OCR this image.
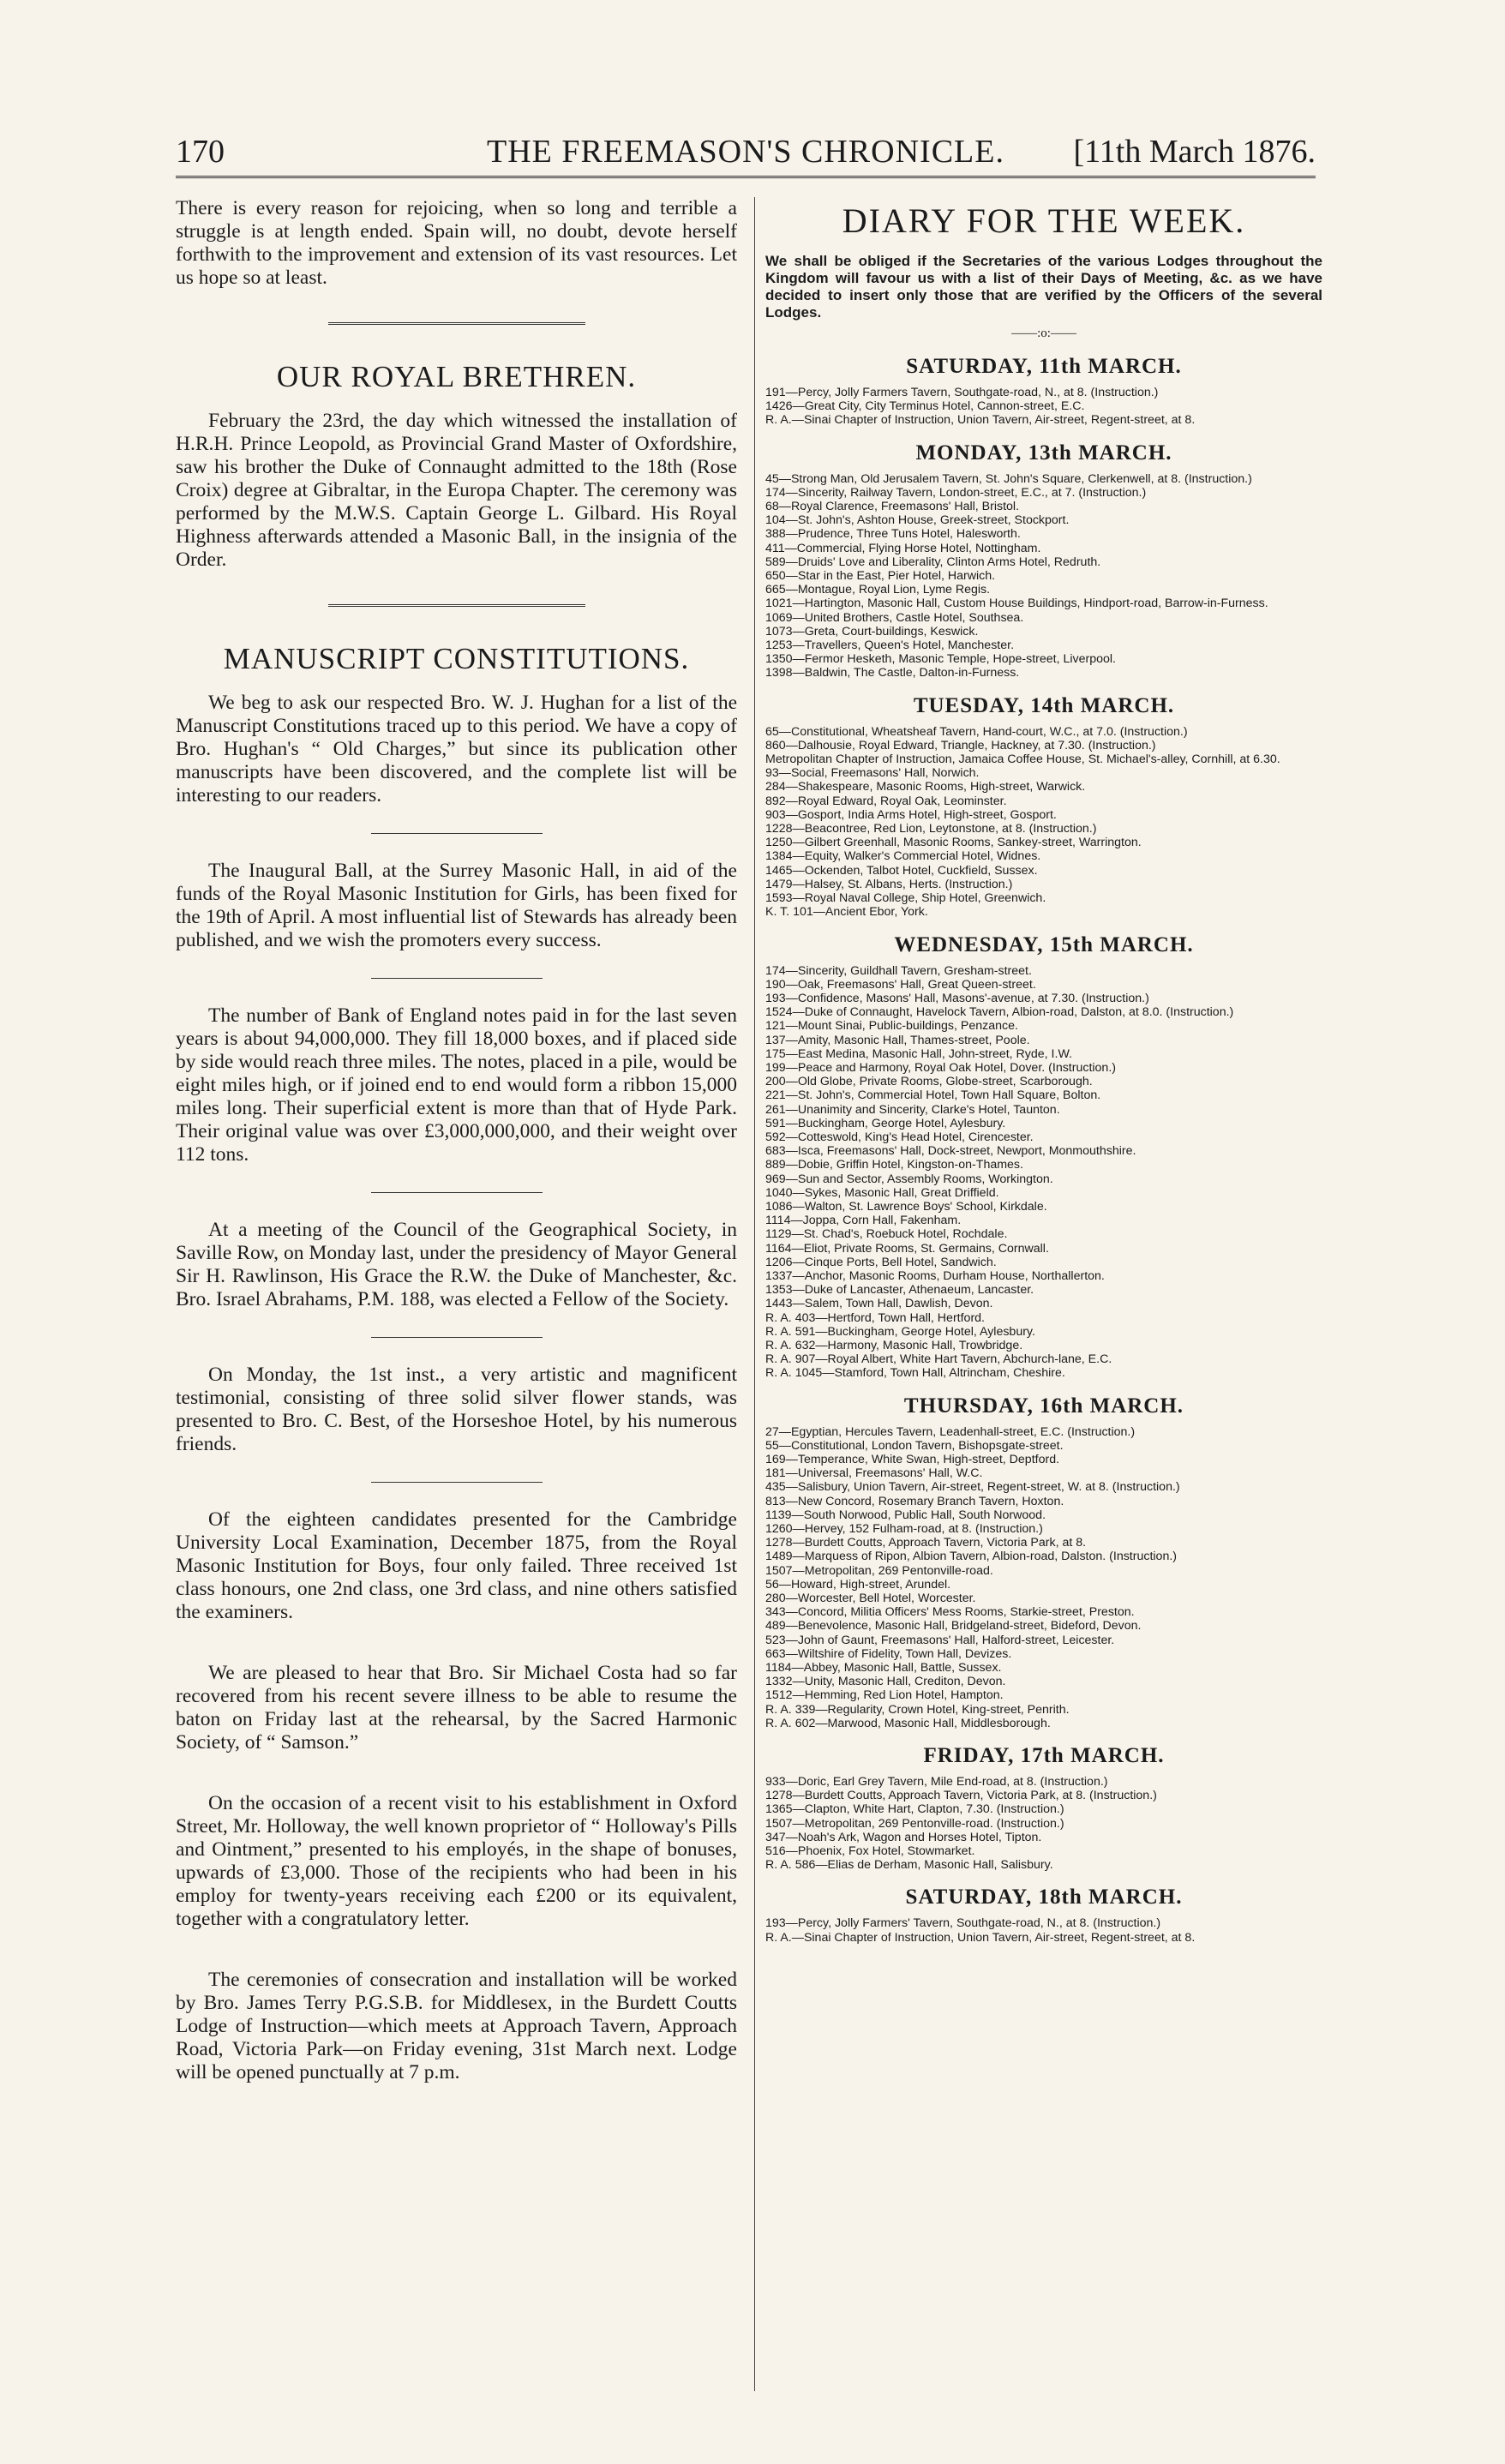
170	THE FREEMASON'S CHRONICLE.	[11th March 1876.

There is every reason for rejoicing, when so long and terrible a struggle is at length ended. Spain will, no doubt, devote herself forthwith to the improvement and extension of its vast resources. Let us hope so at least.

OUR ROYAL BRETHREN.

February the 23rd, the day which witnessed the installation of H.R.H. Prince Leopold, as Provincial Grand Master of Oxfordshire, saw his brother the Duke of Connaught admitted to the 18th (Rose Croix) degree at Gibraltar, in the Europa Chapter. The ceremony was performed by the M.W.S. Captain George L. Gilbard. His Royal Highness afterwards attended a Masonic Ball, in the insignia of the Order.

MANUSCRIPT CONSTITUTIONS.

We beg to ask our respected Bro. W. J. Hughan for a list of the Manuscript Constitutions traced up to this period. We have a copy of Bro. Hughan's “ Old Charges,” but since its publication other manuscripts have been discovered, and the complete list will be interesting to our readers.

The Inaugural Ball, at the Surrey Masonic Hall, in aid of the funds of the Royal Masonic Institution for Girls, has been fixed for the 19th of April. A most influential list of Stewards has already been published, and we wish the promoters every success.

The number of Bank of England notes paid in for the last seven years is about 94,000,000. They fill 18,000 boxes, and if placed side by side would reach three miles. The notes, placed in a pile, would be eight miles high, or if joined end to end would form a ribbon 15,000 miles long. Their superficial extent is more than that of Hyde Park. Their original value was over £3,000,000,000, and their weight over 112 tons.

At a meeting of the Council of the Geographical Society, in Saville Row, on Monday last, under the presidency of Mayor General Sir H. Rawlinson, His Grace the R.W. the Duke of Manchester, &c. Bro. Israel Abrahams, P.M. 188, was elected a Fellow of the Society.

On Monday, the 1st inst., a very artistic and magnificent testimonial, consisting of three solid silver flower stands, was presented to Bro. C. Best, of the Horseshoe Hotel, by his numerous friends.

Of the eighteen candidates presented for the Cambridge University Local Examination, December 1875, from the Royal Masonic Institution for Boys, four only failed. Three received 1st class honours, one 2nd class, one 3rd class, and nine others satisfied the examiners.

We are pleased to hear that Bro. Sir Michael Costa had so far recovered from his recent severe illness to be able to resume the baton on Friday last at the rehearsal, by the Sacred Harmonic Society, of “ Samson.”

On the occasion of a recent visit to his establishment in Oxford Street, Mr. Holloway, the well known proprietor of “ Holloway's Pills and Ointment,” presented to his employés, in the shape of bonuses, upwards of £3,000. Those of the recipients who had been in his employ for twenty-years receiving each £200 or its equivalent, together with a congratulatory letter.

The ceremonies of consecration and installation will be worked by Bro. James Terry P.G.S.B. for Middlesex, in the Burdett Coutts Lodge of Instruction—which meets at Approach Tavern, Approach Road, Victoria Park—on Friday evening, 31st March next. Lodge will be opened punctually at 7 p.m.

DIARY FOR THE WEEK.

We shall be obliged if the Secretaries of the various Lodges throughout the Kingdom will favour us with a list of their Days of Meeting, &c. as we have decided to insert only those that are verified by the Officers of the several Lodges.

——:o:——
SATURDAY, 11th MARCH.

191—Percy, Jolly Farmers Tavern, Southgate-road, N., at 8. (Instruction.)

1426—Great City, City Terminus Hotel, Cannon-street, E.C.

R. A.—Sinai Chapter of Instruction, Union Tavern, Air-street, Regent-street, at 8.

MONDAY, 13th MARCH.

45—Strong Man, Old Jerusalem Tavern, St. John's Square, Clerkenwell, at 8. (Instruction.)

174—Sincerity, Railway Tavern, London-street, E.C., at 7. (Instruction.)

68—Royal Clarence, Freemasons' Hall, Bristol.

104—St. John's, Ashton House, Greek-street, Stockport.

388—Prudence, Three Tuns Hotel, Halesworth.

411—Commercial, Flying Horse Hotel, Nottingham.

589—Druids' Love and Liberality, Clinton Arms Hotel, Redruth.

650—Star in the East, Pier Hotel, Harwich.

665—Montague, Royal Lion, Lyme Regis.

1021—Hartington, Masonic Hall, Custom House Buildings, Hindport-road, Barrow-in-Furness.

1069—United Brothers, Castle Hotel, Southsea.

1073—Greta, Court-buildings, Keswick.

1253—Travellers, Queen's Hotel, Manchester.

1350—Fermor Hesketh, Masonic Temple, Hope-street, Liverpool.

1398—Baldwin, The Castle, Dalton-in-Furness.

TUESDAY, 14th MARCH.

65—Constitutional, Wheatsheaf Tavern, Hand-court, W.C., at 7.0. (Instruction.)

860—Dalhousie, Royal Edward, Triangle, Hackney, at 7.30. (Instruction.)

Metropolitan Chapter of Instruction, Jamaica Coffee House, St. Michael's-alley, Cornhill, at 6.30.

93—Social, Freemasons' Hall, Norwich.

284—Shakespeare, Masonic Rooms, High-street, Warwick.

892—Royal Edward, Royal Oak, Leominster.

903—Gosport, India Arms Hotel, High-street, Gosport.

1228—Beacontree, Red Lion, Leytonstone, at 8. (Instruction.)

1250—Gilbert Greenhall, Masonic Rooms, Sankey-street, Warrington.

1384—Equity, Walker's Commercial Hotel, Widnes.

1465—Ockenden, Talbot Hotel, Cuckfield, Sussex.

1479—Halsey, St. Albans, Herts. (Instruction.)

1593—Royal Naval College, Ship Hotel, Greenwich.

K. T. 101—Ancient Ebor, York.

WEDNESDAY, 15th MARCH.

174—Sincerity, Guildhall Tavern, Gresham-street.

190—Oak, Freemasons' Hall, Great Queen-street.

193—Confidence, Masons' Hall, Masons'-avenue, at 7.30. (Instruction.)

1524—Duke of Connaught, Havelock Tavern, Albion-road, Dalston, at 8.0. (Instruction.)

121—Mount Sinai, Public-buildings, Penzance.

137—Amity, Masonic Hall, Thames-street, Poole.

175—East Medina, Masonic Hall, John-street, Ryde, I.W.

199—Peace and Harmony, Royal Oak Hotel, Dover. (Instruction.)

200—Old Globe, Private Rooms, Globe-street, Scarborough.

221—St. John's, Commercial Hotel, Town Hall Square, Bolton.

261—Unanimity and Sincerity, Clarke's Hotel, Taunton.

591—Buckingham, George Hotel, Aylesbury.

592—Cotteswold, King's Head Hotel, Cirencester.

683—Isca, Freemasons' Hall, Dock-street, Newport, Monmouthshire.

889—Dobie, Griffin Hotel, Kingston-on-Thames.

969—Sun and Sector, Assembly Rooms, Workington.

1040—Sykes, Masonic Hall, Great Driffield.

1086—Walton, St. Lawrence Boys' School, Kirkdale.

1114—Joppa, Corn Hall, Fakenham.

1129—St. Chad's, Roebuck Hotel, Rochdale.

1164—Eliot, Private Rooms, St. Germains, Cornwall.

1206—Cinque Ports, Bell Hotel, Sandwich.

1337—Anchor, Masonic Rooms, Durham House, Northallerton.

1353—Duke of Lancaster, Athenaeum, Lancaster.

1443—Salem, Town Hall, Dawlish, Devon.

R. A. 403—Hertford, Town Hall, Hertford.

R. A. 591—Buckingham, George Hotel, Aylesbury.

R. A. 632—Harmony, Masonic Hall, Trowbridge.

R. A. 907—Royal Albert, White Hart Tavern, Abchurch-lane, E.C.

R. A. 1045—Stamford, Town Hall, Altrincham, Cheshire.

THURSDAY, 16th MARCH.

27—Egyptian, Hercules Tavern, Leadenhall-street, E.C. (Instruction.)

55—Constitutional, London Tavern, Bishopsgate-street.

169—Temperance, White Swan, High-street, Deptford.

181—Universal, Freemasons' Hall, W.C.

435—Salisbury, Union Tavern, Air-street, Regent-street, W. at 8. (Instruction.)

813—New Concord, Rosemary Branch Tavern, Hoxton.

1139—South Norwood, Public Hall, South Norwood.

1260—Hervey, 152 Fulham-road, at 8. (Instruction.)

1278—Burdett Coutts, Approach Tavern, Victoria Park, at 8.

1489—Marquess of Ripon, Albion Tavern, Albion-road, Dalston. (Instruction.)

1507—Metropolitan, 269 Pentonville-road.

56—Howard, High-street, Arundel.

280—Worcester, Bell Hotel, Worcester.

343—Concord, Militia Officers' Mess Rooms, Starkie-street, Preston.

489—Benevolence, Masonic Hall, Bridgeland-street, Bideford, Devon.

523—John of Gaunt, Freemasons' Hall, Halford-street, Leicester.

663—Wiltshire of Fidelity, Town Hall, Devizes.

1184—Abbey, Masonic Hall, Battle, Sussex.

1332—Unity, Masonic Hall, Crediton, Devon.

1512—Hemming, Red Lion Hotel, Hampton.

R. A. 339—Regularity, Crown Hotel, King-street, Penrith.

R. A. 602—Marwood, Masonic Hall, Middlesborough.

FRIDAY, 17th MARCH.

933—Doric, Earl Grey Tavern, Mile End-road, at 8. (Instruction.)

1278—Burdett Coutts, Approach Tavern, Victoria Park, at 8. (Instruction.)

1365—Clapton, White Hart, Clapton, 7.30. (Instruction.)

1507—Metropolitan, 269 Pentonville-road. (Instruction.)

347—Noah's Ark, Wagon and Horses Hotel, Tipton.

516—Phoenix, Fox Hotel, Stowmarket.

R. A. 586—Elias de Derham, Masonic Hall, Salisbury.

SATURDAY, 18th MARCH.

193—Percy, Jolly Farmers' Tavern, Southgate-road, N., at 8. (Instruction.)

R. A.—Sinai Chapter of Instruction, Union Tavern, Air-street, Regent-street, at 8.
